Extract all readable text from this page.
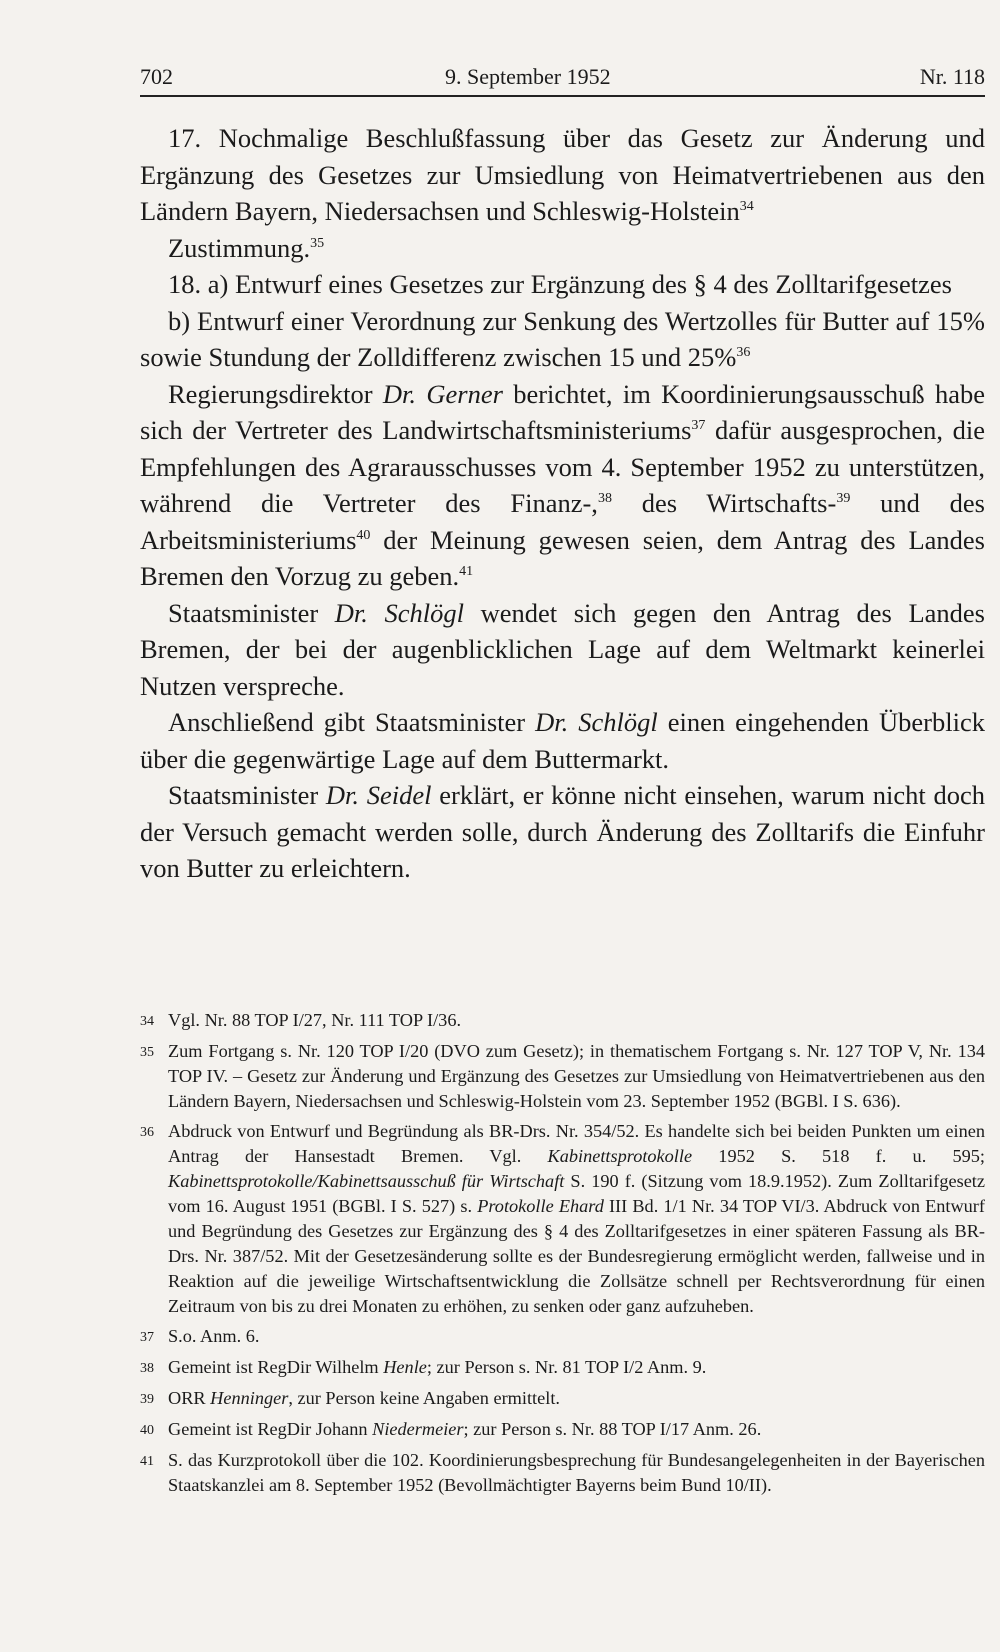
702	9. September 1952	Nr. 118

17. Nochmalige Beschlußfassung über das Gesetz zur Änderung und Ergänzung des Gesetzes zur Umsiedlung von Heimatvertriebenen aus den Ländern Bayern, Niedersachsen und Schleswig-Holstein$^{34}$

Zustimmung.$^{35}$

18. a) Entwurf eines Gesetzes zur Ergänzung des § 4 des Zolltarifgesetzes

b) Entwurf einer Verordnung zur Senkung des Wertzolles für Butter auf 15% sowie Stundung der Zolldifferenz zwischen 15 und 25%$^{36}$

Regierungsdirektor Dr. Gerner berichtet, im Koordinierungsausschuß habe sich der Vertreter des Landwirtschaftsministeriums$^{37}$ dafür ausgesprochen, die Empfehlungen des Agrarausschusses vom 4. September 1952 zu unterstützen, während die Vertreter des Finanz-,$^{38}$ des Wirtschafts-$^{39}$ und des Arbeitsministeriums$^{40}$ der Meinung gewesen seien, dem Antrag des Landes Bremen den Vorzug zu geben.$^{41}$

Staatsminister Dr. Schlögl wendet sich gegen den Antrag des Landes Bremen, der bei der augenblicklichen Lage auf dem Weltmarkt keinerlei Nutzen verspreche.

Anschließend gibt Staatsminister Dr. Schlögl einen eingehenden Überblick über die gegenwärtige Lage auf dem Buttermarkt.

Staatsminister Dr. Seidel erklärt, er könne nicht einsehen, warum nicht doch der Versuch gemacht werden solle, durch Änderung des Zolltarifs die Einfuhr von Butter zu erleichtern.

34 Vgl. Nr. 88 TOP I/27, Nr. 111 TOP I/36.
35 Zum Fortgang s. Nr. 120 TOP I/20 (DVO zum Gesetz); in thematischem Fortgang s. Nr. 127 TOP V, Nr. 134 TOP IV. – Gesetz zur Änderung und Ergänzung des Gesetzes zur Umsiedlung von Heimatvertriebenen aus den Ländern Bayern, Niedersachsen und Schleswig-Holstein vom 23. September 1952 (BGBl. I S. 636).
36 Abdruck von Entwurf und Begründung als BR-Drs. Nr. 354/52. Es handelte sich bei beiden Punkten um einen Antrag der Hansestadt Bremen. Vgl. Kabinettsprotokolle 1952 S. 518 f. u. 595; Kabinettsprotokolle/Kabinettsausschuß für Wirtschaft S. 190 f. (Sitzung vom 18.9.1952). Zum Zolltarifgesetz vom 16. August 1951 (BGBl. I S. 527) s. Protokolle Ehard III Bd. 1/1 Nr. 34 TOP VI/3. Abdruck von Entwurf und Begründung des Gesetzes zur Ergänzung des § 4 des Zolltarifgesetzes in einer späteren Fassung als BR-Drs. Nr. 387/52. Mit der Gesetzesänderung sollte es der Bundesregierung ermöglicht werden, fallweise und in Reaktion auf die jeweilige Wirtschaftsentwicklung die Zollsätze schnell per Rechtsverordnung für einen Zeitraum von bis zu drei Monaten zu erhöhen, zu senken oder ganz aufzuheben.
37 S.o. Anm. 6.
38 Gemeint ist RegDir Wilhelm Henle; zur Person s. Nr. 81 TOP I/2 Anm. 9.
39 ORR Henninger, zur Person keine Angaben ermittelt.
40 Gemeint ist RegDir Johann Niedermeier; zur Person s. Nr. 88 TOP I/17 Anm. 26.
41 S. das Kurzprotokoll über die 102. Koordinierungsbesprechung für Bundesangelegenheiten in der Bayerischen Staatskanzlei am 8. September 1952 (Bevollmächtigter Bayerns beim Bund 10/II).
